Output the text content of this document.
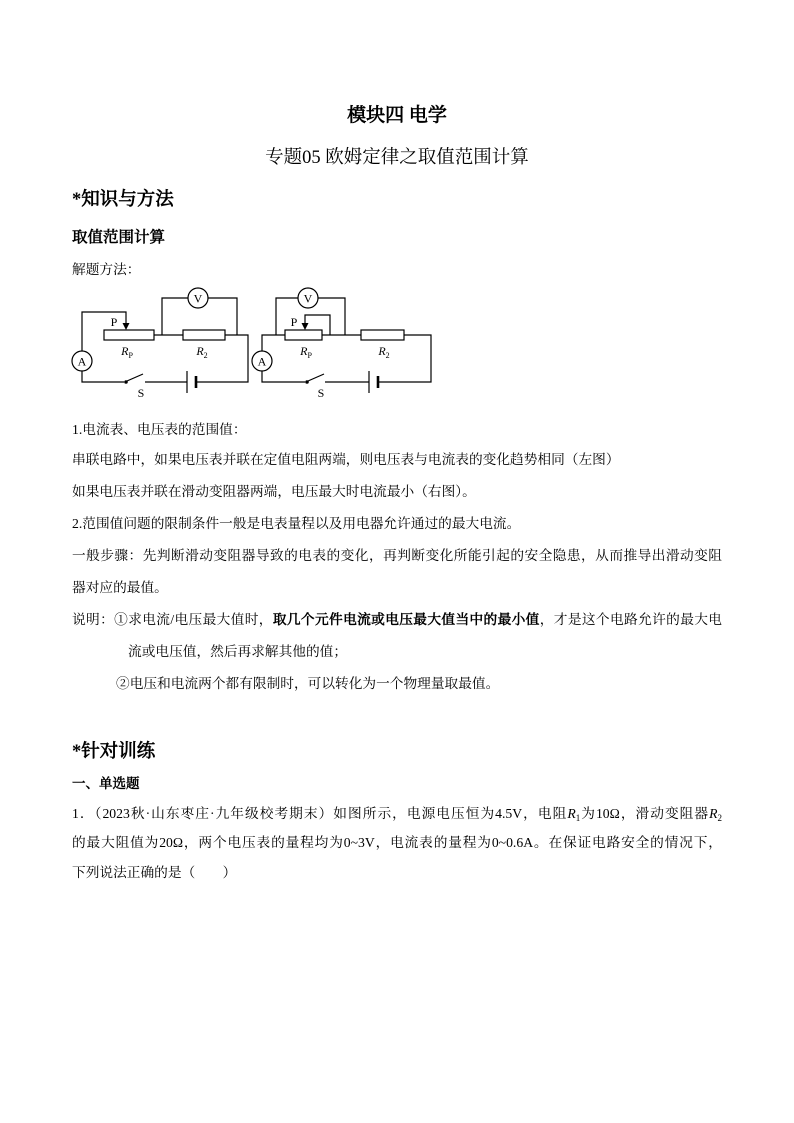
模块四 电学
专题05 欧姆定律之取值范围计算
*知识与方法
取值范围计算
解题方法：
V
P
A
S
$R_P$	$R_2$
V
P
A
S
$R_P$	$R_2$
1.电流表、电压表的范围值：
串联电路中，如果电压表并联在定值电阻两端，则电压表与电流表的变化趋势相同（左图）
如果电压表并联在滑动变阻器两端，电压最大时电流最小（右图）。
2.范围值问题的限制条件一般是电表量程以及用电器允许通过的最大电流。
一般步骤：先判断滑动变阻器导致的电表的变化，再判断变化所能引起的安全隐患，从而推导出滑动变阻
器对应的最值。
说明：①求电流/电压最大值时，取几个元件电流或电压最大值当中的最小值，才是这个电路允许的最大电
流或电压值，然后再求解其他的值；
②电压和电流两个都有限制时，可以转化为一个物理量取最值。
*针对训练
一、单选题
1．（2023秋·山东枣庄·九年级校考期末）如图所示，电源电压恒为4.5V，电阻$R_1$为10Ω，滑动变阻器$R_2$
的最大阻值为20Ω，两个电压表的量程均为0~3V，电流表的量程为0~0.6A。在保证电路安全的情况下，
下列说法正确的是（　　）
